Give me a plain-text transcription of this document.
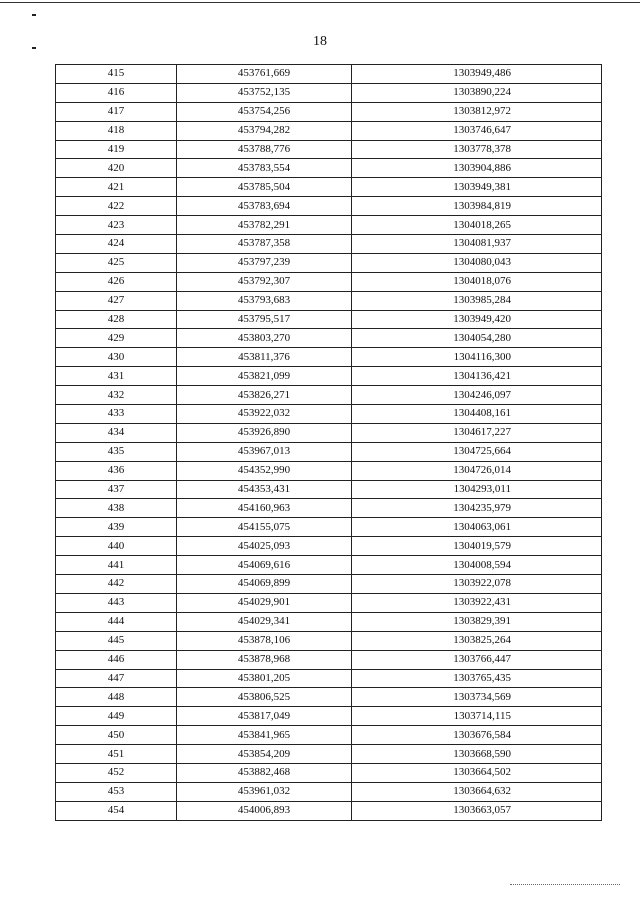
18
415	453761,669	1303949,486
416	453752,135	1303890,224
417	453754,256	1303812,972
418	453794,282	1303746,647
419	453788,776	1303778,378
420	453783,554	1303904,886
421	453785,504	1303949,381
422	453783,694	1303984,819
423	453782,291	1304018,265
424	453787,358	1304081,937
425	453797,239	1304080,043
426	453792,307	1304018,076
427	453793,683	1303985,284
428	453795,517	1303949,420
429	453803,270	1304054,280
430	453811,376	1304116,300
431	453821,099	1304136,421
432	453826,271	1304246,097
433	453922,032	1304408,161
434	453926,890	1304617,227
435	453967,013	1304725,664
436	454352,990	1304726,014
437	454353,431	1304293,011
438	454160,963	1304235,979
439	454155,075	1304063,061
440	454025,093	1304019,579
441	454069,616	1304008,594
442	454069,899	1303922,078
443	454029,901	1303922,431
444	454029,341	1303829,391
445	453878,106	1303825,264
446	453878,968	1303766,447
447	453801,205	1303765,435
448	453806,525	1303734,569
449	453817,049	1303714,115
450	453841,965	1303676,584
451	453854,209	1303668,590
452	453882,468	1303664,502
453	453961,032	1303664,632
454	454006,893	1303663,057
